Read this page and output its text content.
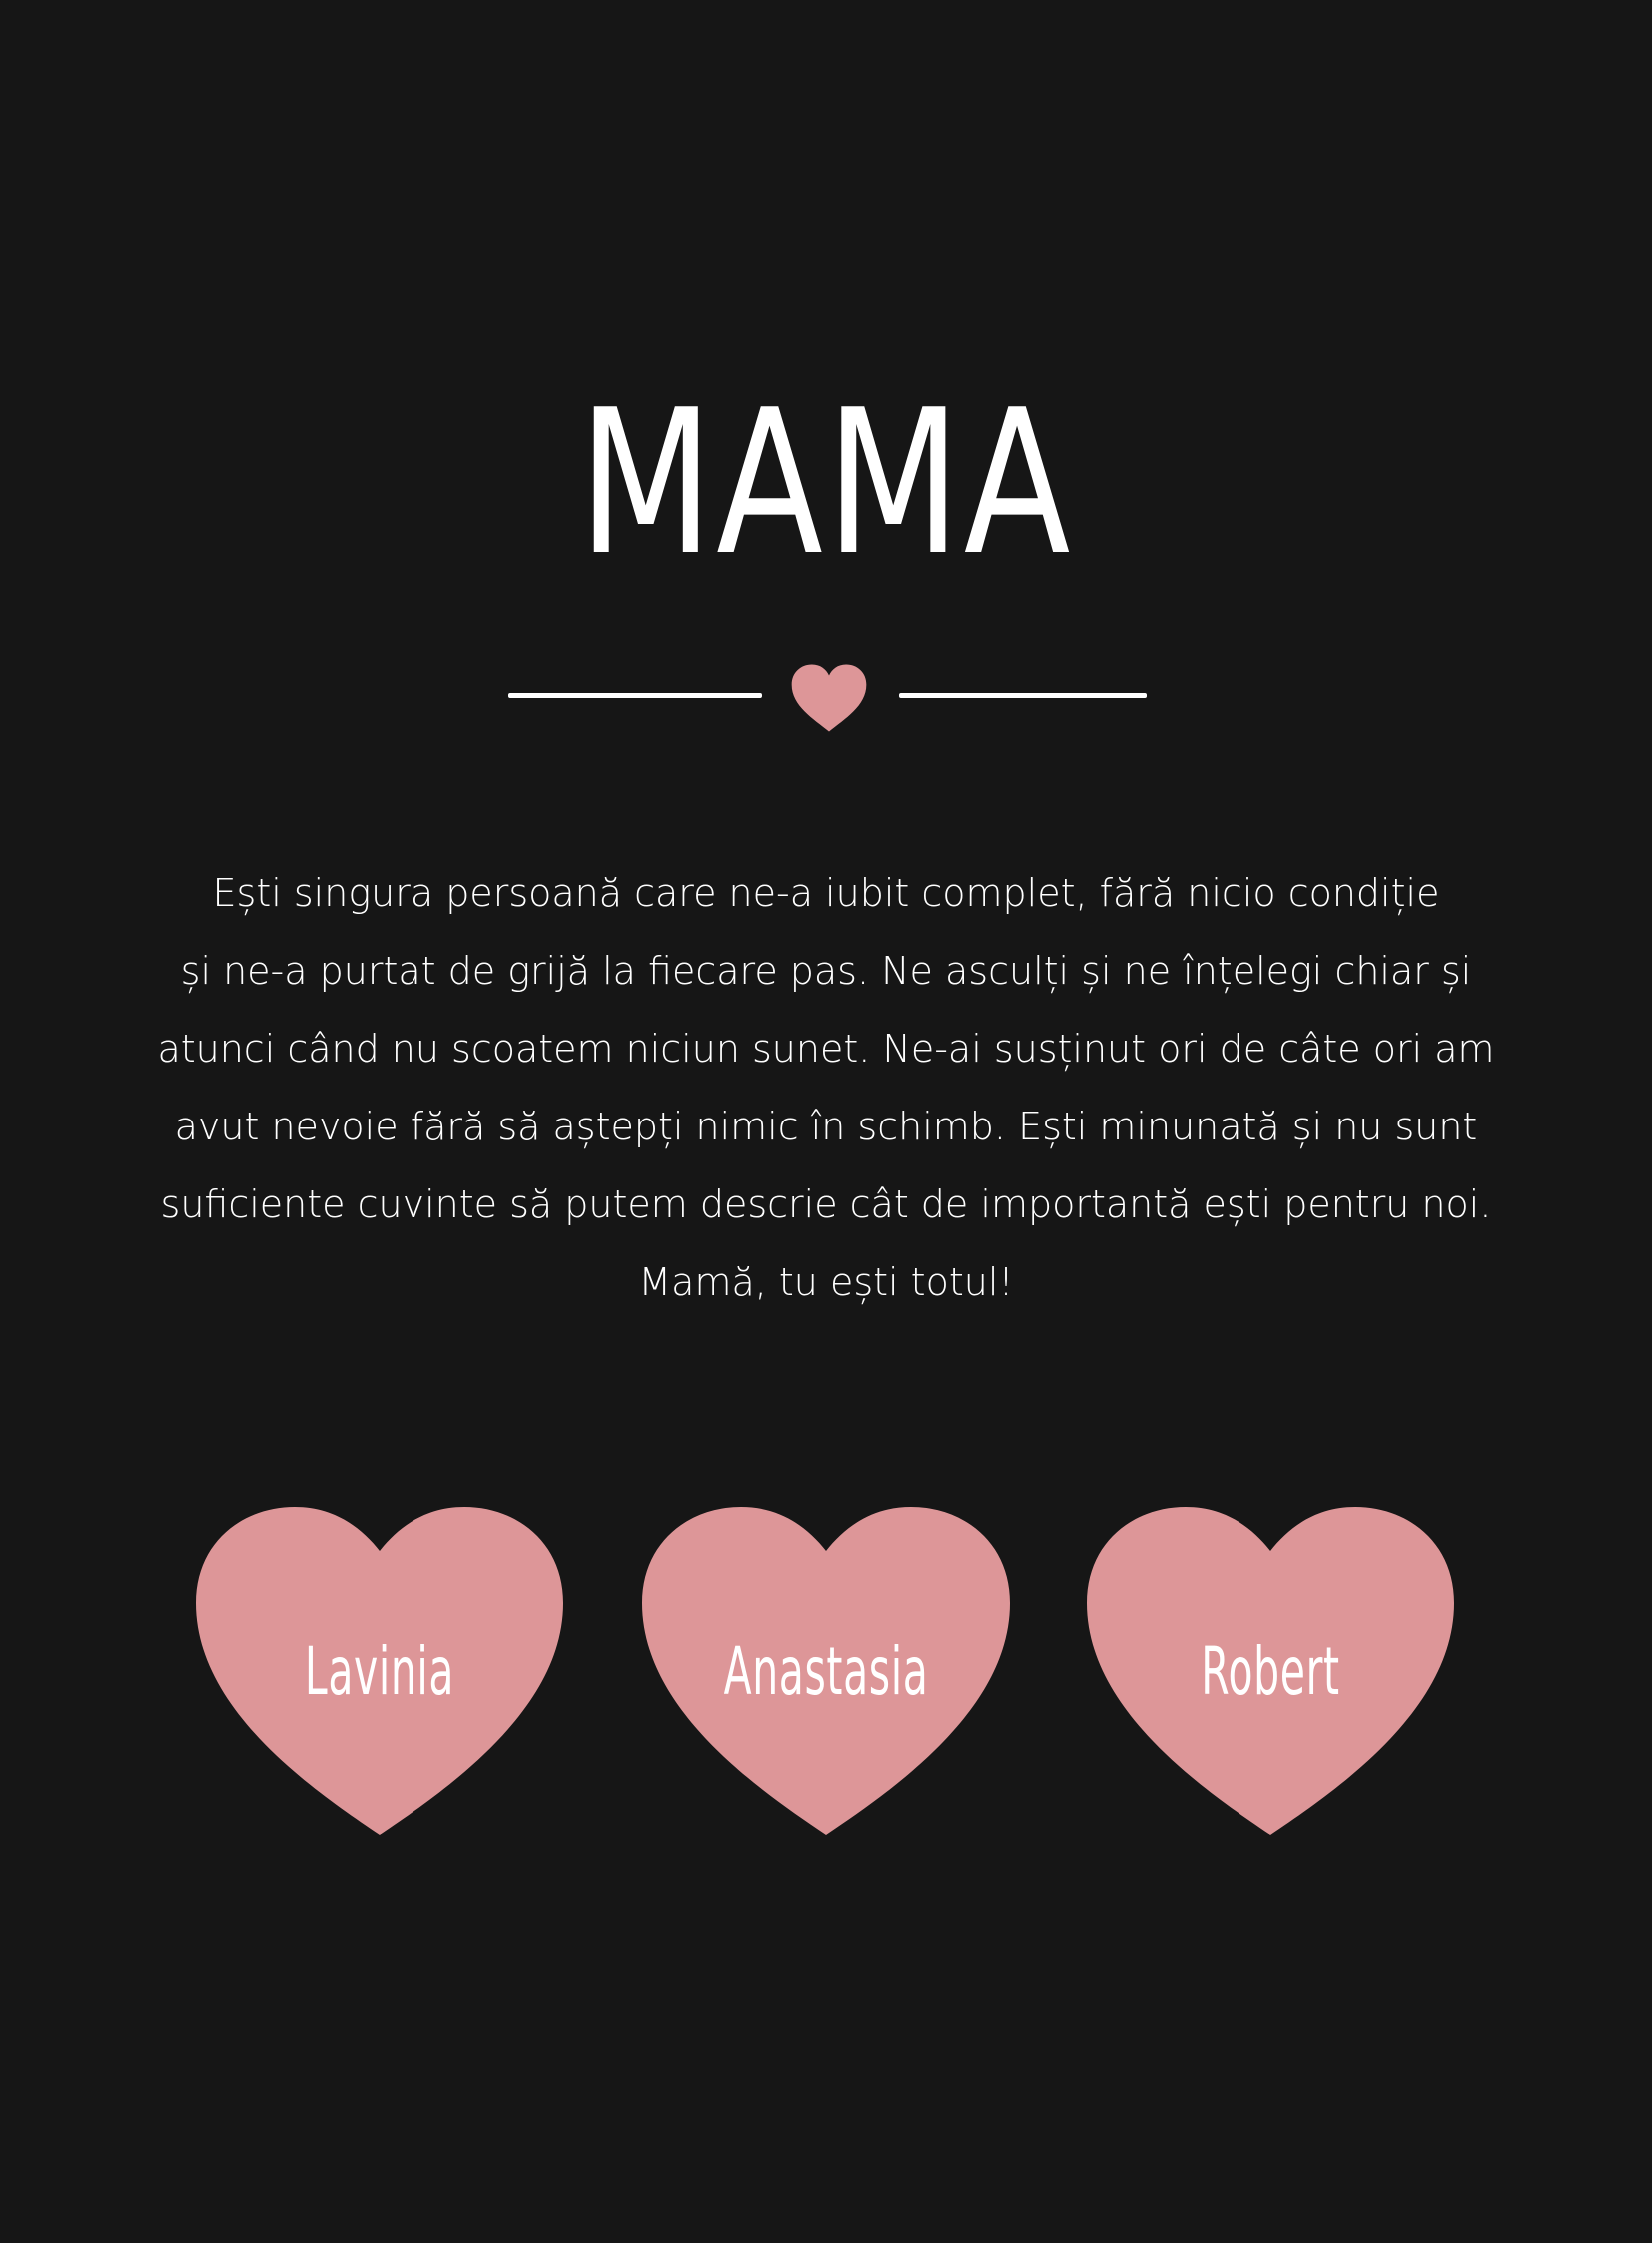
MAMA
Ești singura persoană care ne-a iubit complet, fără nicio condiție
și ne-a purtat de grijă la fiecare pas. Ne asculți și ne înțelegi chiar și
atunci când nu scoatem niciun sunet. Ne-ai susținut ori de câte ori am
avut nevoie fără să aștepți nimic în schimb. Ești minunată și nu sunt
suficiente cuvinte să putem descrie cât de importantă ești pentru noi.
Mamă, tu ești totul!
Lavinia	Anastasia	Robert
